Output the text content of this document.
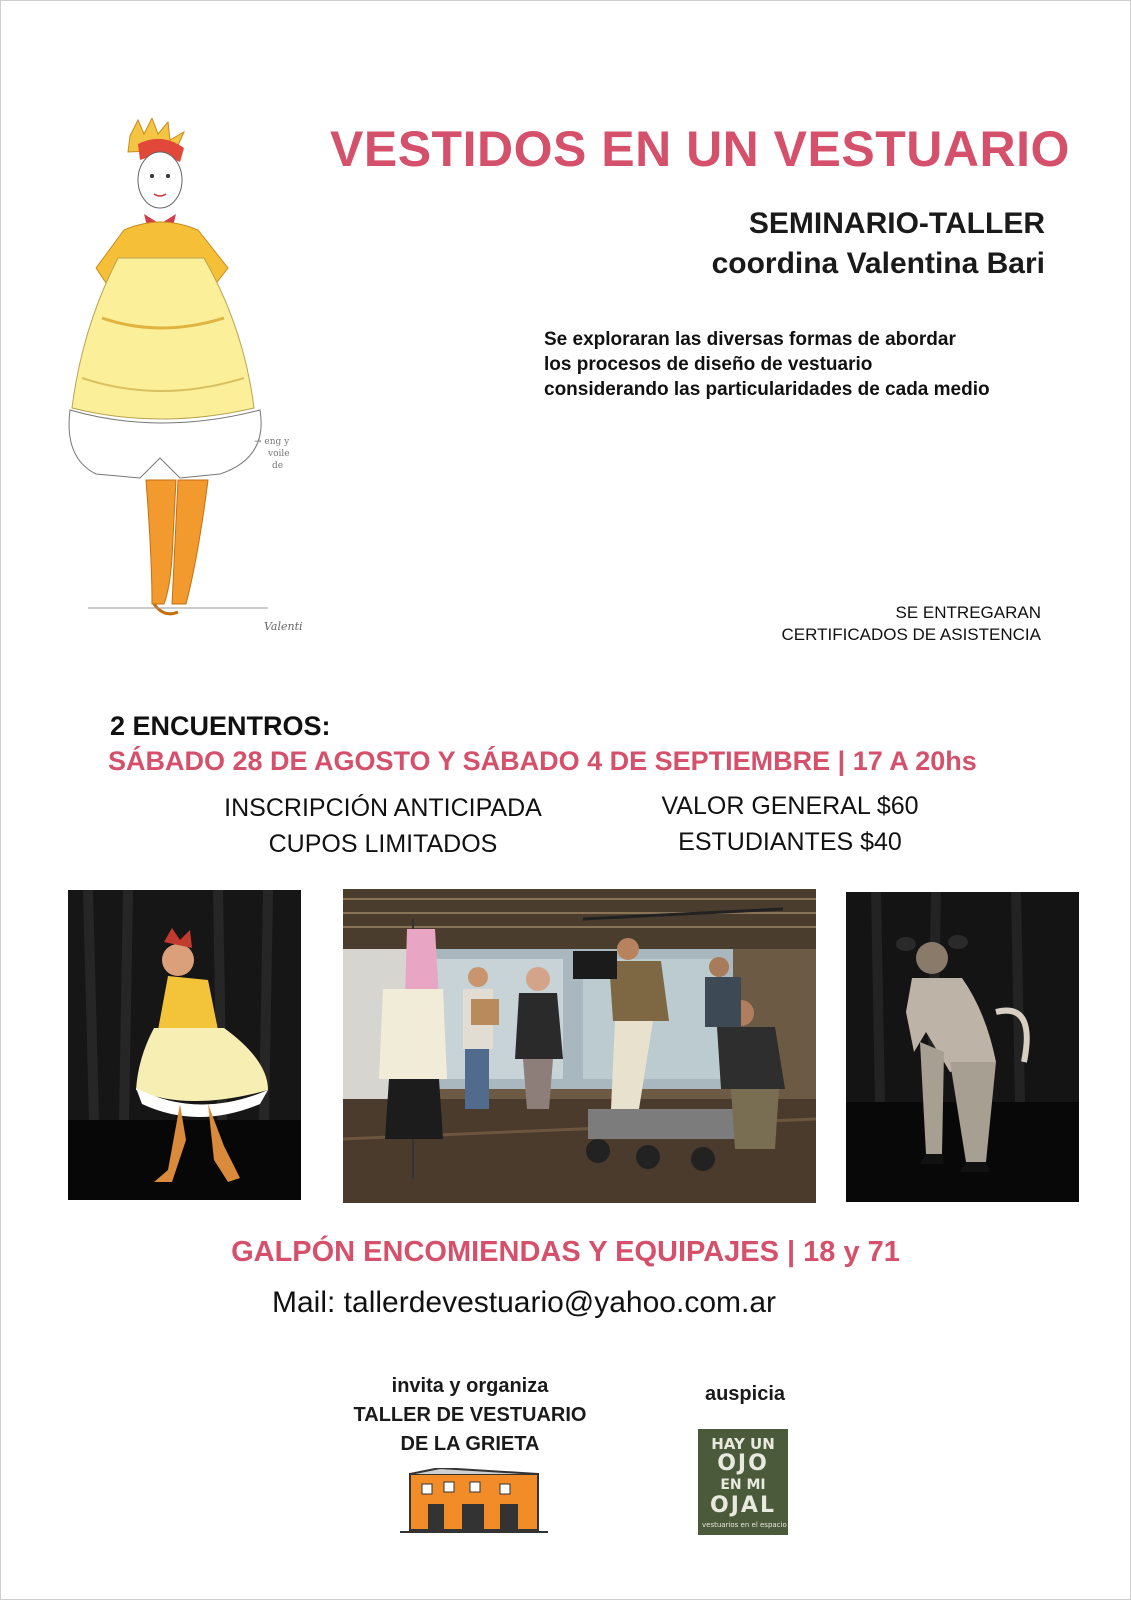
→ eng y
voile
de
Valenti
VESTIDOS EN UN VESTUARIO
SEMINARIO-TALLER
coordina Valentina Bari
Se exploraran las diversas formas de abordar
los procesos de diseño de vestuario
considerando las particularidades de cada medio
SE ENTREGARAN
CERTIFICADOS DE ASISTENCIA
2 ENCUENTROS:
SÁBADO 28 DE AGOSTO Y SÁBADO 4 DE SEPTIEMBRE | 17 A 20hs
INSCRIPCIÓN ANTICIPADA
CUPOS LIMITADOS
VALOR GENERAL $60
ESTUDIANTES $40
GALPÓN ENCOMIENDAS Y EQUIPAJES | 18 y 71
Mail: tallerdevestuario@yahoo.com.ar
invita y organiza
TALLER DE VESTUARIO
DE LA GRIETA
auspicia
HAY UN
OJO
EN MI
OJAL
vestuarios en el espacio
